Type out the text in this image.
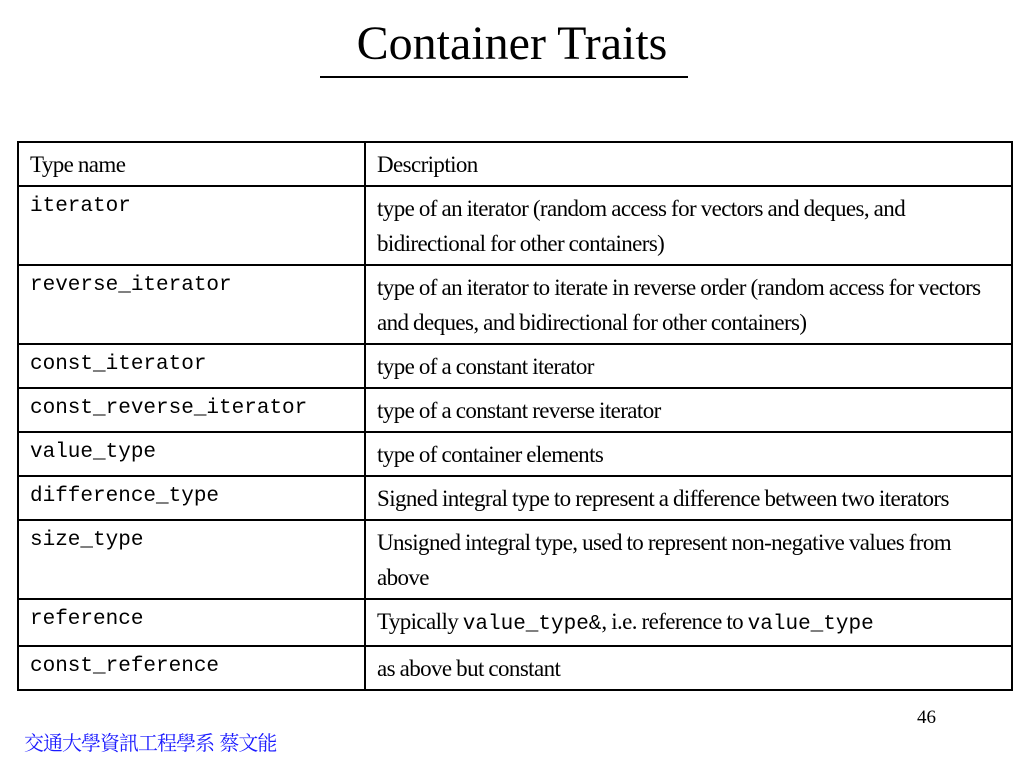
Container Traits
Type name	Description
iterator	type of an iterator (random access for vectors and deques, and bidirectional for other containers)
reverse_iterator	type of an iterator to iterate in reverse order (random access for vectors and deques, and bidirectional for other containers)
const_iterator	type of a constant iterator
const_reverse_iterator	type of a constant reverse iterator
value_type	type of container elements
difference_type	Signed integral type to represent a difference between two iterators
size_type	Unsigned integral type, used to represent non-negative values from above
reference	Typically value_type&, i.e. reference to value_type
const_reference	as above but constant
46
交通大學資訊工程學系 蔡文能
